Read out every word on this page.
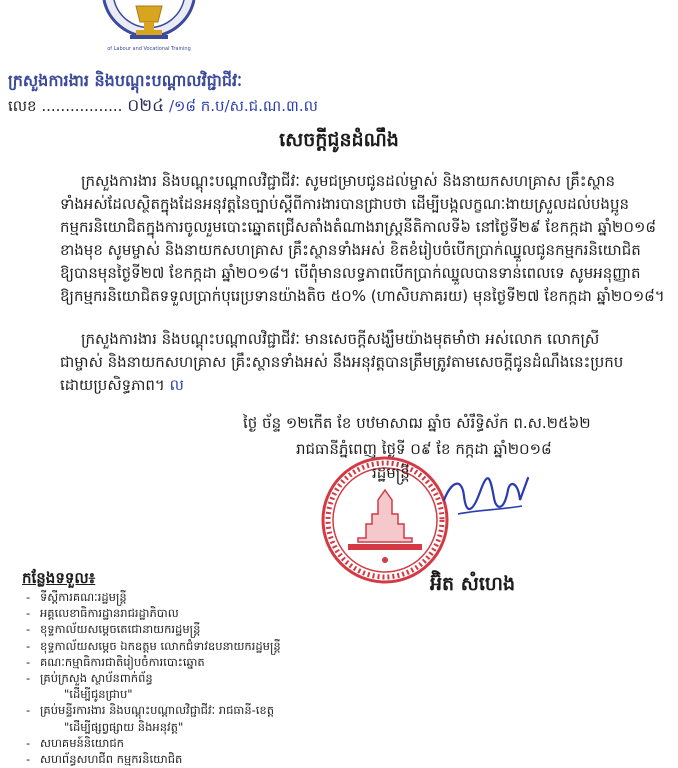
of Labour and Vocational Training
ក្រសួងការងារ និងបណ្តុះបណ្តាលវិជ្ជាជីវៈ
លេខ ................. ០២៤ /១៨ ក.ប/ស.ជ.ណ.៣.ល
សេចក្តីជូនដំណឹង
ក្រសួងការងារ និងបណ្តុះបណ្តាលវិជ្ជាជីវៈ សូមជម្រាបជូនដល់ម្ចាស់ និងនាយកសហគ្រាស គ្រឹះស្ថាន
ទាំងអស់ដែលស្ថិតក្នុងដែនអនុវត្តនៃច្បាប់ស្តីពីការងារបានជ្រាបថា ដើម្បីបង្កលក្ខណៈងាយស្រួលដល់បងប្អូន
កម្មករនិយោជិតក្នុងការចូលរួមបោះឆ្នោតជ្រើសតាំងតំណាងរាស្ត្រនីតិកាលទី៦ នៅថ្ងៃទី២៩ ខែកក្កដា ឆ្នាំ២០១៨
ខាងមុខ សូមម្ចាស់ និងនាយកសហគ្រាស គ្រឹះស្ថានទាំងអស់ ខិតខំរៀបចំបើកប្រាក់ឈ្នួលជូនកម្មករនិយោជិត
ឱ្យបានមុនថ្ងៃទី២៧ ខែកក្កដា ឆ្នាំ២០១៨។ បើពុំមានលទ្ធភាពបើកប្រាក់ឈ្នួលបានទាន់ពេលទេ សូមអនុញ្ញាត
ឱ្យកម្មករនិយោជិតទទួលប្រាក់បុរេប្រទានយ៉ាងតិច ៥០% (ហាសិបភាគរយ) មុនថ្ងៃទី២៧ ខែកក្កដា ឆ្នាំ២០១៨។
ក្រសួងការងារ និងបណ្តុះបណ្តាលវិជ្ជាជីវៈ មានសេចក្តីសង្ឃឹមយ៉ាងមុតមាំថា អស់លោក លោកស្រី
ជាម្ចាស់ និងនាយកសហគ្រាស គ្រឹះស្ថានទាំងអស់ នឹងអនុវត្តបានត្រឹមត្រូវតាមសេចក្តីជូនដំណឹងនេះប្រកប
ដោយប្រសិទ្ធភាព។ ល
ថ្ងៃ ច័ន្ទ ១២កើត ខែ បឋមាសាឍ ឆ្នាំច សំរឹទ្ធិស័ក ព.ស.២៥៦២
រាជធានីភ្នំពេញ ថ្ងៃទី ០៩ ខែ កក្កដា ឆ្នាំ២០១៨
រដ្ឋមន្ត្រី
អ៊ិត សំហេង
កន្លែងទទួល៖
- ទីស្តីការគណៈរដ្ឋមន្ត្រី
- អគ្គលេខាធិការដ្ឋានរាជរដ្ឋាភិបាល
- ខុទ្ទកាល័យសម្តេចតេជោនាយករដ្ឋមន្ត្រី
- ខុទ្ទកាល័យសម្តេច ឯកឧត្តម លោកជំទាវឧបនាយករដ្ឋមន្ត្រី
- គណៈកម្មាធិការជាតិរៀបចំការបោះឆ្នោត
- គ្រប់ក្រសួង ស្ថាប័នពាក់ព័ន្ធ
"ដើម្បីជូនជ្រាប"
- គ្រប់មន្ទីរការងារ និងបណ្តុះបណ្តាលវិជ្ជាជីវៈ រាជធានី-ខេត្ត
"ដើម្បីផ្សព្វផ្សាយ និងអនុវត្ត"
- សហគមន៍និយោជក
- សហព័ន្ធសហជីព កម្មករនិយោជិត
